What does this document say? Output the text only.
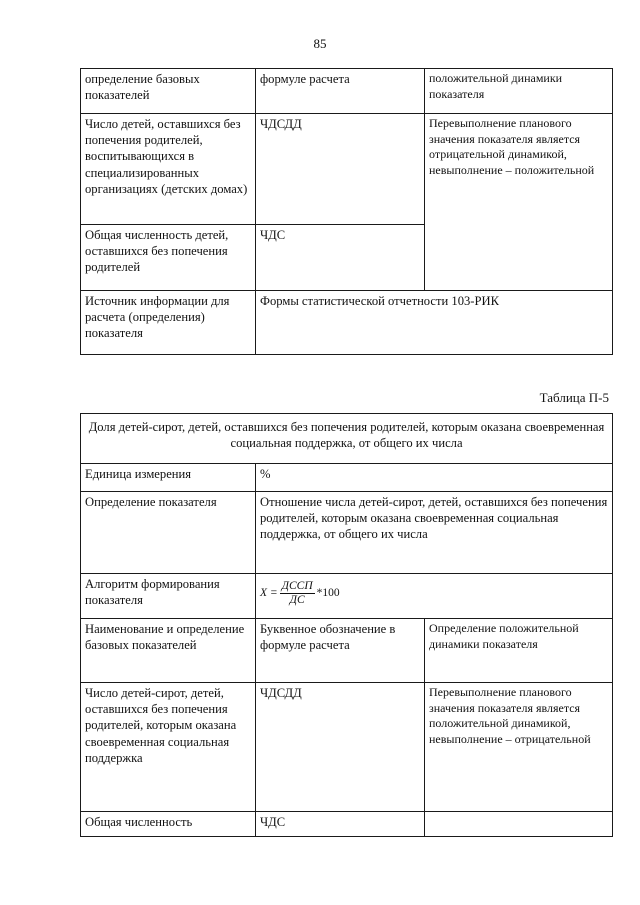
85
определение базовых показателей	формуле расчета	положительной динамики показателя
Число детей, оставшихся без попечения родителей, воспитывающихся в специализированных организациях (детских домах)	ЧДСДД	Перевыполнение планового значения показателя является отрицательной динамикой, невыполнение – положительной
Общая численность детей, оставшихся без попечения родителей	ЧДС	
Источник информации для расчета (определения) показателя	Формы статистической отчетности 103-РИК	
Таблица П-5
Доля детей-сирот, детей, оставшихся без попечения родителей, которым оказана своевременная социальная поддержка, от общего их числа		
Единица измерения	%	
Определение показателя	Отношение числа детей-сирот, детей, оставшихся без попечения родителей, которым оказана своевременная социальная поддержка, от общего их числа	
Алгоритм формирования показателя	$X = \frac{\text{ДССП}}{ДС} *100$	

Наименование и определение базовых показателей	Буквенное обозначение в формуле расчета	Определение положительной динамики показателя
Число детей-сирот, детей, оставшихся без попечения родителей, которым оказана своевременная социальная поддержка	ЧДСДД	Перевыполнение планового значения показателя является положительной динамикой, невыполнение – отрицательной
Общая численность	ЧДС	
